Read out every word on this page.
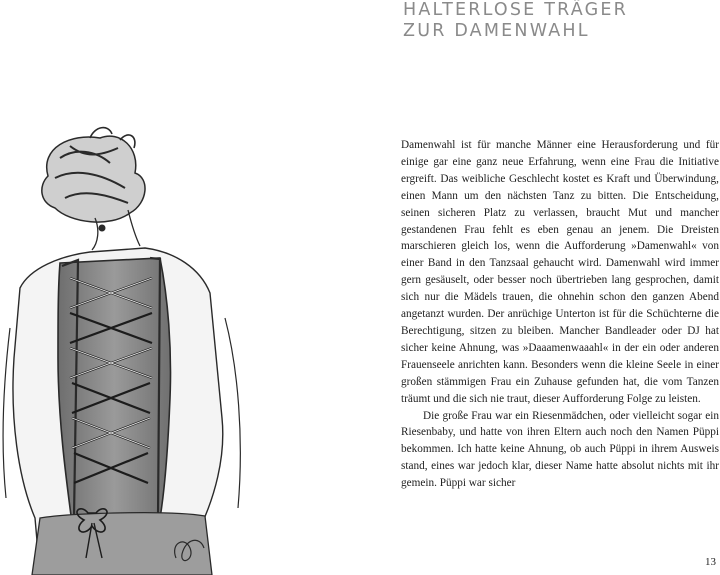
HALTERLOSE TRÄGER
ZUR DAMENWAHL

Damenwahl ist für manche Männer eine Herausforderung und für einige gar eine ganz neue Erfahrung, wenn eine Frau die Initiative ergreift. Das weibliche Geschlecht kostet es Kraft und Überwindung, einen Mann um den nächsten Tanz zu bitten. Die Entscheidung, seinen sicheren Platz zu verlassen, braucht Mut und mancher gestandenen Frau fehlt es eben genau an jenem. Die Dreisten marschieren gleich los, wenn die Aufforderung »Damenwahl« von einer Band in den Tanzsaal gehaucht wird. Damenwahl wird immer gern gesäuselt, oder besser noch übertrieben lang gesprochen, damit sich nur die Mädels trauen, die ohnehin schon den ganzen Abend angetanzt wurden. Der anrüchige Unterton ist für die Schüchterne die Berechtigung, sitzen zu bleiben. Mancher Bandleader oder DJ hat sicher keine Ahnung, was »Daaamenwaaahl« in der ein oder anderen Frauenseele anrichten kann. Besonders wenn die kleine Seele in einer großen stämmigen Frau ein Zuhause gefunden hat, die vom Tanzen träumt und die sich nie traut, dieser Aufforderung Folge zu leisten.

Die große Frau war ein Riesenmädchen, oder vielleicht sogar ein Riesenbaby, und hatte von ihren Eltern auch noch den Namen Püppi bekommen. Ich hatte keine Ahnung, ob auch Püppi in ihrem Ausweis stand, eines war jedoch klar, dieser Name hatte absolut nichts mit ihr gemein. Püppi war sicher

13
